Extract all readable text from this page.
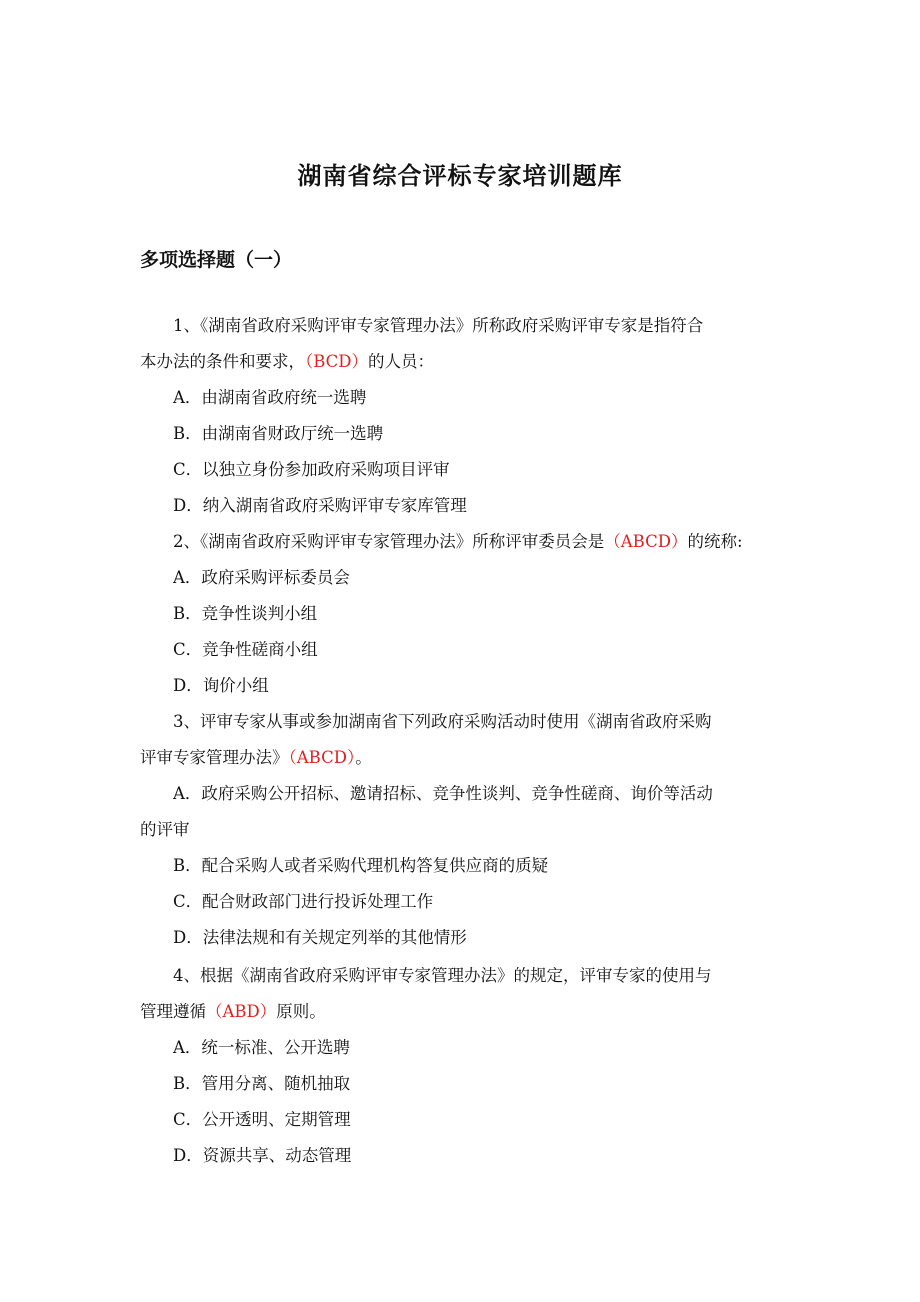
湖南省综合评标专家培训题库
多项选择题（一）
1、《湖南省政府采购评审专家管理办法》所称政府采购评审专家是指符合
本办法的条件和要求，（BCD）的人员：
A．由湖南省政府统一选聘
B．由湖南省财政厅统一选聘
C．以独立身份参加政府采购项目评审
D．纳入湖南省政府采购评审专家库管理
2、《湖南省政府采购评审专家管理办法》所称评审委员会是（ABCD）的统称:
A．政府采购评标委员会
B．竞争性谈判小组
C．竞争性磋商小组
D．询价小组
3、评审专家从事或参加湖南省下列政府采购活动时使用《湖南省政府采购
评审专家管理办法》（ABCD）。
A．政府采购公开招标、邀请招标、竞争性谈判、竞争性磋商、询价等活动
的评审
B．配合采购人或者采购代理机构答复供应商的质疑
C．配合财政部门进行投诉处理工作
D．法律法规和有关规定列举的其他情形
4、根据《湖南省政府采购评审专家管理办法》的规定，评审专家的使用与
管理遵循（ABD）原则。
A．统一标准、公开选聘
B．管用分离、随机抽取
C．公开透明、定期管理
D．资源共享、动态管理
